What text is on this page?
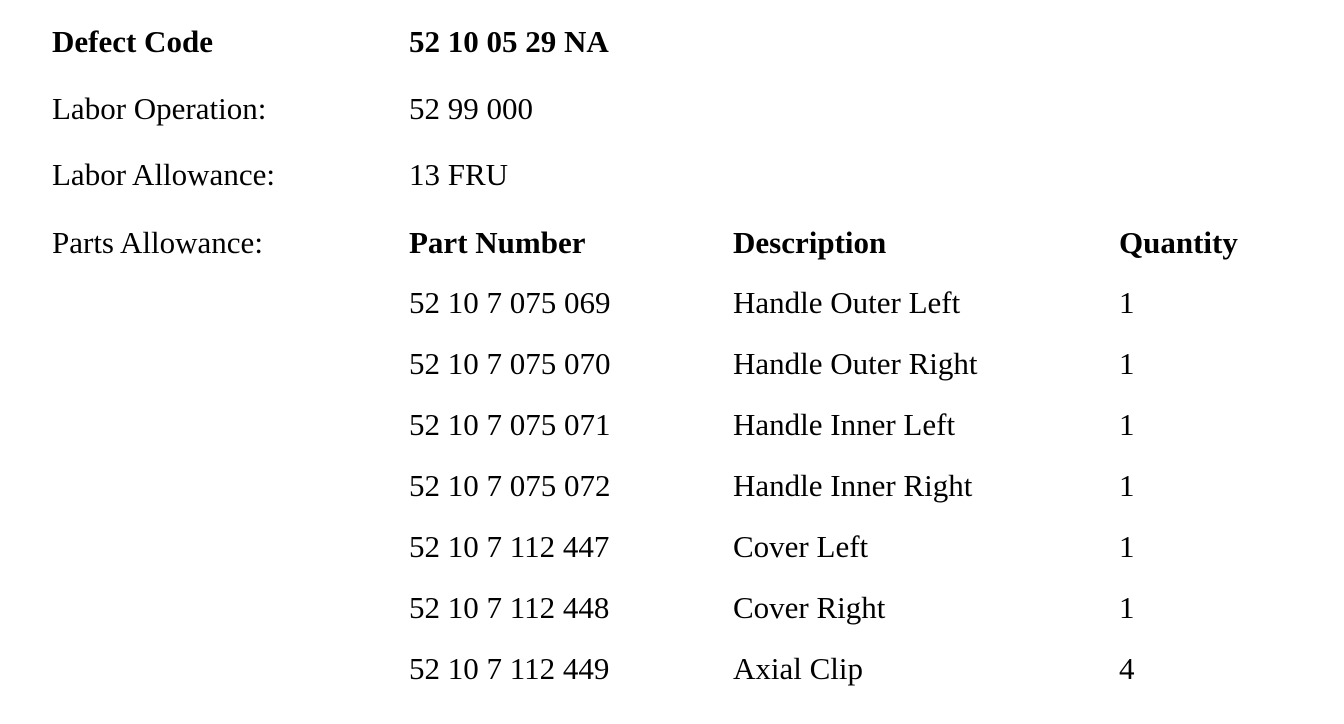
Defect Code	52 10 05 29 NA
Labor Operation:	52 99 000
Labor Allowance:	13 FRU
Parts Allowance:	Part Number	Description	Quantity
52 10 7 075 069	Handle Outer Left	1
52 10 7 075 070	Handle Outer Right	1
52 10 7 075 071	Handle Inner Left	1
52 10 7 075 072	Handle Inner Right	1
52 10 7 112 447	Cover Left	1
52 10 7 112 448	Cover Right	1
52 10 7 112 449	Axial Clip	4
